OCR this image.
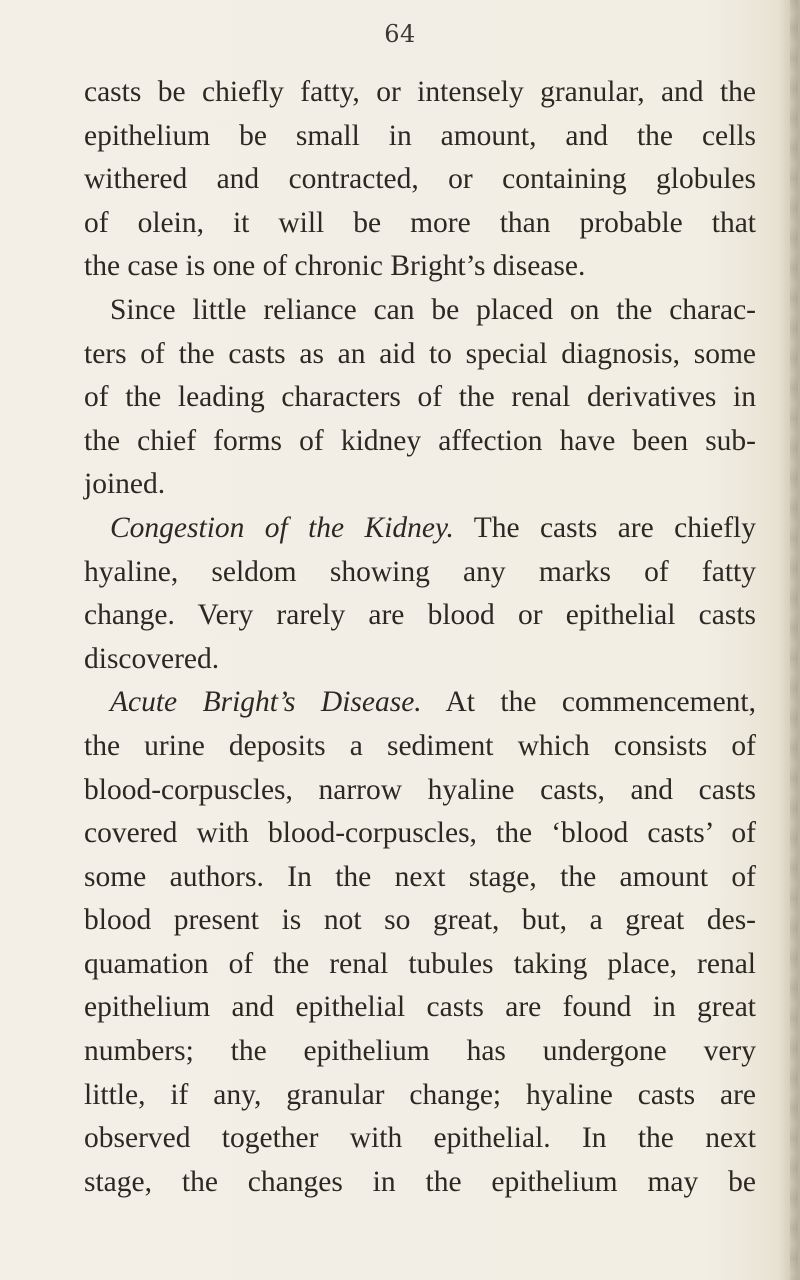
64
casts be chiefly fatty, or intensely granular, and the
epithelium be small in amount, and the cells
withered and contracted, or containing globules
of olein, it will be more than probable that
the case is one of chronic Bright’s disease.
Since little reliance can be placed on the charac-
ters of the casts as an aid to special diagnosis, some
of the leading characters of the renal derivatives in
the chief forms of kidney affection have been sub-
joined.
Congestion of the Kidney. The casts are chiefly
hyaline, seldom showing any marks of fatty
change. Very rarely are blood or epithelial casts
discovered.
Acute Bright’s Disease. At the commencement,
the urine deposits a sediment which consists of
blood-corpuscles, narrow hyaline casts, and casts
covered with blood-corpuscles, the ‘blood casts’ of
some authors. In the next stage, the amount of
blood present is not so great, but, a great des-
quamation of the renal tubules taking place, renal
epithelium and epithelial casts are found in great
numbers; the epithelium has undergone very
little, if any, granular change; hyaline casts are
observed together with epithelial. In the next
stage, the changes in the epithelium may be
